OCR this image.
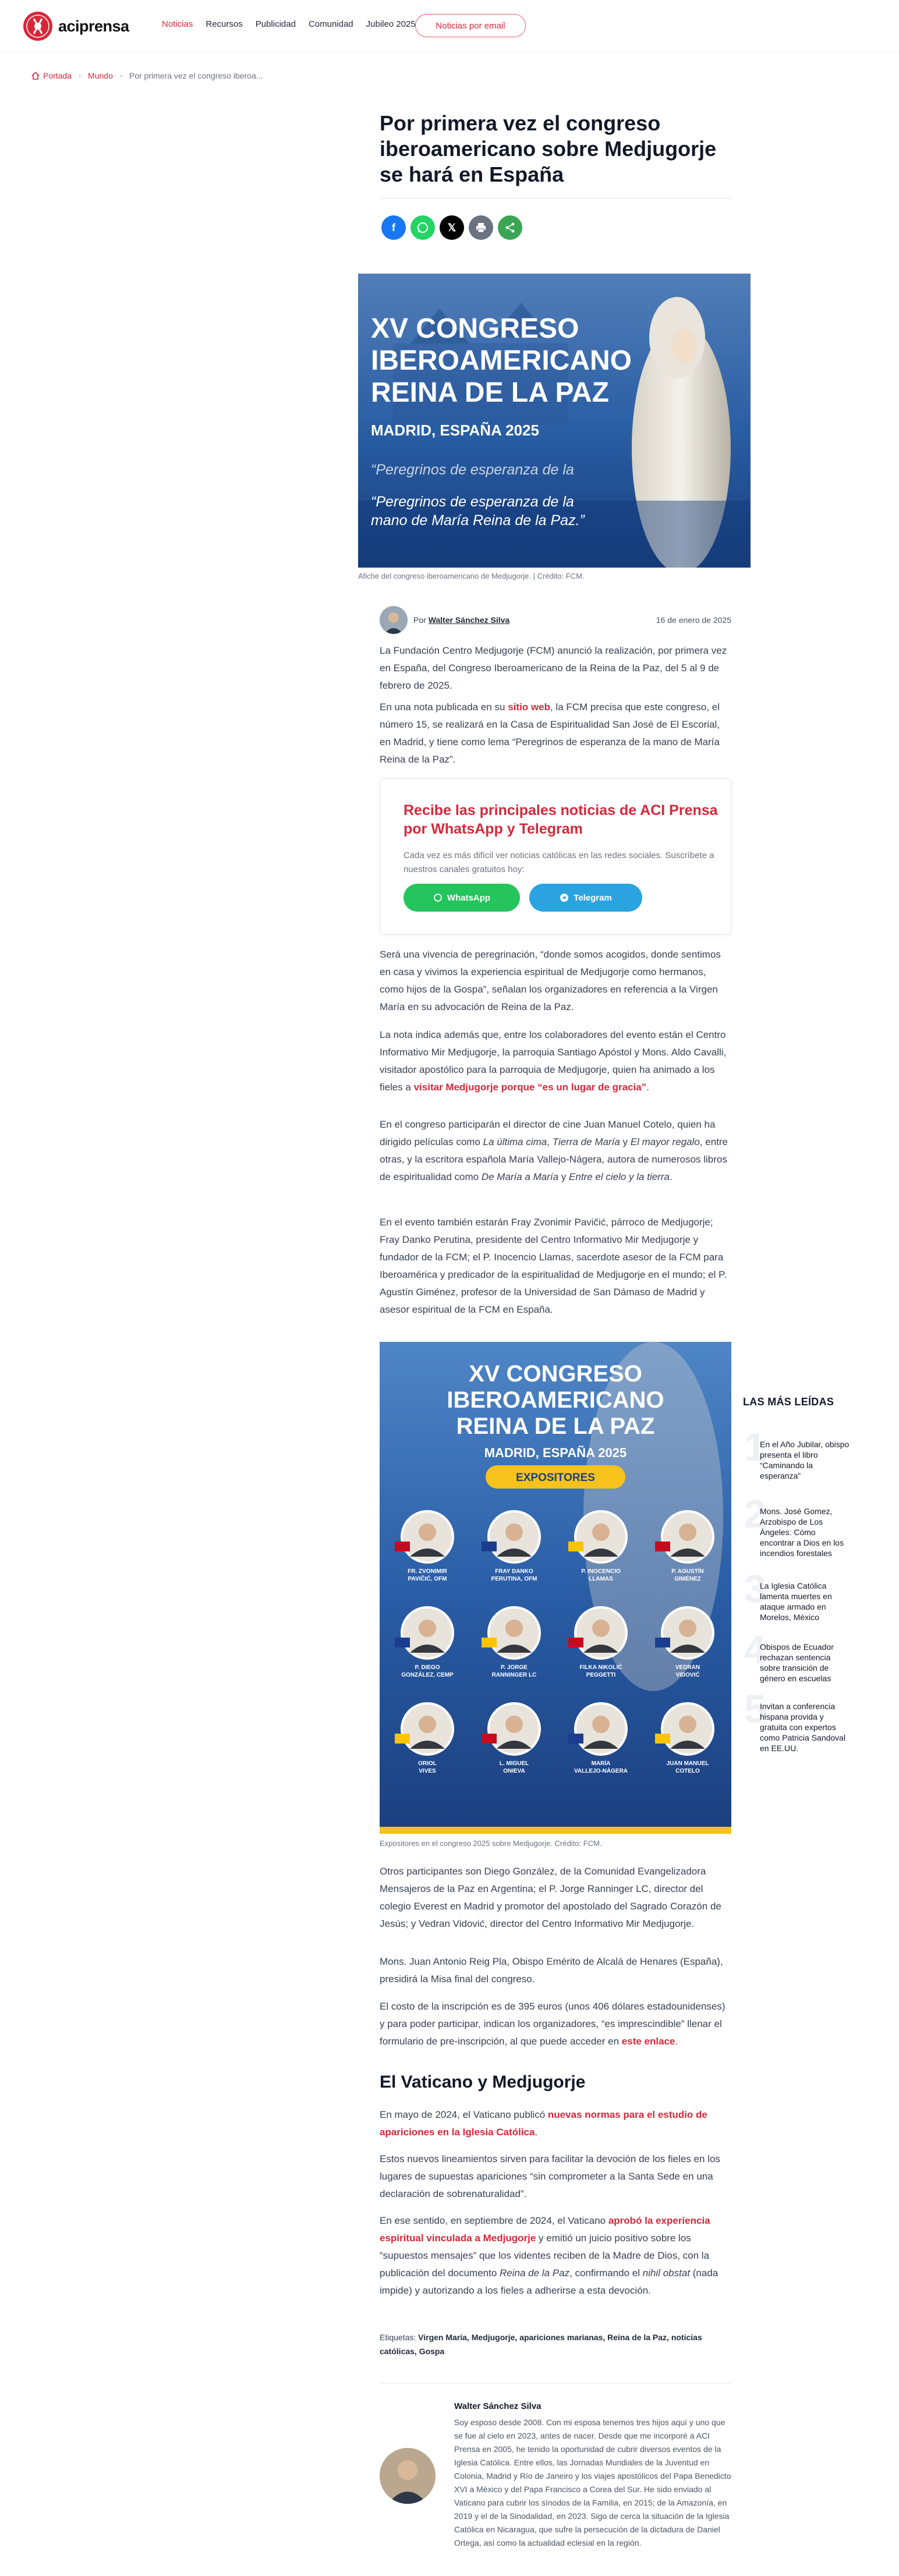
aciprensa	Noticias Recursos Publicidad Comunidad Jubileo 2025	Noticias por email
Portada › Mundo › Por primera vez el congreso iberoa...
Por primera vez el congreso iberoamericano sobre Medjugorje se hará en España
f	𝕏
XV CONGRESO
IBEROAMERICANO
REINA DE LA PAZ
MADRID, ESPAÑA 2025
“Peregrinos de esperanza de la
“Peregrinos de esperanza de la
mano de María Reina de la Paz.”
Afiche del congreso iberoamericano de Medjugorje. | Crédito: FCM.
Por Walter Sánchez Silva	16 de enero de 2025

La Fundación Centro Medjugorje (FCM) anunció la realización, por primera vez en España, del Congreso Iberoamericano de la Reina de la Paz, del 5 al 9 de febrero de 2025.

En una nota publicada en su sitio web, la FCM precisa que este congreso, el número 15, se realizará en la Casa de Espiritualidad San José de El Escorial, en Madrid, y tiene como lema “Peregrinos de esperanza de la mano de María Reina de la Paz”.

Recibe las principales noticias de ACI Prensa por WhatsApp y Telegram
Cada vez es más difícil ver noticias católicas en las redes sociales. Suscríbete a nuestros canales gratuitos hoy:
WhatsApp	Telegram

Será una vivencia de peregrinación, “donde somos acogidos, donde sentimos en casa y vivimos la experiencia espiritual de Medjugorje como hermanos, como hijos de la Gospa”, señalan los organizadores en referencia a la Virgen María en su advocación de Reina de la Paz.

La nota indica además que, entre los colaboradores del evento están el Centro Informativo Mir Medjugorje, la parroquia Santiago Apóstol y Mons. Aldo Cavalli, visitador apostólico para la parroquia de Medjugorje, quien ha animado a los fieles a visitar Medjugorje porque “es un lugar de gracia”.

En el congreso participarán el director de cine Juan Manuel Cotelo, quien ha dirigido películas como La última cima, Tierra de María y El mayor regalo, entre otras, y la escritora española María Vallejo-Nágera, autora de numerosos libros de espiritualidad como De María a María y Entre el cielo y la tierra.

En el evento también estarán Fray Zvonimir Pavičić, párroco de Medjugorje; Fray Danko Perutina, presidente del Centro Informativo Mir Medjugorje y fundador de la FCM; el P. Inocencio Llamas, sacerdote asesor de la FCM para Iberoamérica y predicador de la espiritualidad de Medjugorje en el mundo; el P. Agustín Giménez, profesor de la Universidad de San Dámaso de Madrid y asesor espiritual de la FCM en España.

XV CONGRESO
IBEROAMERICANO
REINA DE LA PAZ
MADRID, ESPAÑA 2025
EXPOSITORES
FR. ZVONIMIR
PAVIČIĆ, OFM
FRAY DANKO
PERUTINA, OFM
P. INOCENCIO
LLAMAS
P. AGUSTÍN
GIMÉNEZ
P. DIEGO
GONZÁLEZ, CEMP
P. JORGE
RANNINGER LC
FILKA NIKOLIĆ
PEGGETTI
VEDRAN
VIDOVIĆ
ORIOL
VIVES
L. MIGUEL
ONIEVA
MARÍA
VALLEJO-NÁGERA
JUAN MANUEL
COTELO
Expositores en el congreso 2025 sobre Medjugorje. Crédito: FCM.

Otros participantes son Diego González, de la Comunidad Evangelizadora Mensajeros de la Paz en Argentina; el P. Jorge Ranninger LC, director del colegio Everest en Madrid y promotor del apostolado del Sagrado Corazón de Jesús; y Vedran Vidović, director del Centro Informativo Mir Medjugorje.

Mons. Juan Antonio Reig Pla, Obispo Emérito de Alcalá de Henares (España), presidirá la Misa final del congreso.

El costo de la inscripción es de 395 euros (unos 406 dólares estadounidenses) y para poder participar, indican los organizadores, “es imprescindible” llenar el formulario de pre-inscripción, al que puede acceder en este enlace.

El Vaticano y Medjugorje

En mayo de 2024, el Vaticano publicó nuevas normas para el estudio de apariciones en la Iglesia Católica.

Estos nuevos lineamientos sirven para facilitar la devoción de los fieles en los lugares de supuestas apariciones “sin comprometer a la Santa Sede en una declaración de sobrenaturalidad”.

En ese sentido, en septiembre de 2024, el Vaticano aprobó la experiencia espiritual vinculada a Medjugorje y emitió un juicio positivo sobre los “supuestos mensajes” que los videntes reciben de la Madre de Dios, con la publicación del documento Reina de la Paz, confirmando el nihil obstat (nada impide) y autorizando a los fieles a adherirse a esta devoción.

Etiquetas: Virgen María, Medjugorje, apariciones marianas, Reina de la Paz, noticias católicas, Gospa
Walter Sánchez Silva
Soy esposo desde 2008. Con mi esposa tenemos tres hijos aquí y uno que se fue al cielo en 2023, antes de nacer. Desde que me incorporé a ACI Prensa en 2005, he tenido la oportunidad de cubrir diversos eventos de la Iglesia Católica. Entre ellos, las Jornadas Mundiales de la Juventud en Colonia, Madrid y Río de Janeiro y los viajes apostólicos del Papa Benedicto XVI a México y del Papa Francisco a Corea del Sur. He sido enviado al Vaticano para cubrir los sínodos de la Familia, en 2015; de la Amazonía, en 2019 y el de la Sinodalidad, en 2023. Sigo de cerca la situación de la Iglesia Católica en Nicaragua, que sufre la persecución de la dictadura de Daniel Ortega, así como la actualidad eclesial en la región.
LAS MÁS LEÍDAS
1
En el Año Jubilar, obispo presenta el libro “Caminando la esperanza”
2
Mons. José Gomez, Arzobispo de Los Ángeles: Cómo encontrar a Dios en los incendios forestales
3
La Iglesia Católica lamenta muertes en ataque armado en Morelos, México
4
Obispos de Ecuador rechazan sentencia sobre transición de género en escuelas
5
Invitan a conferencia hispana provida y gratuita con expertos como Patricia Sandoval en EE.UU.
